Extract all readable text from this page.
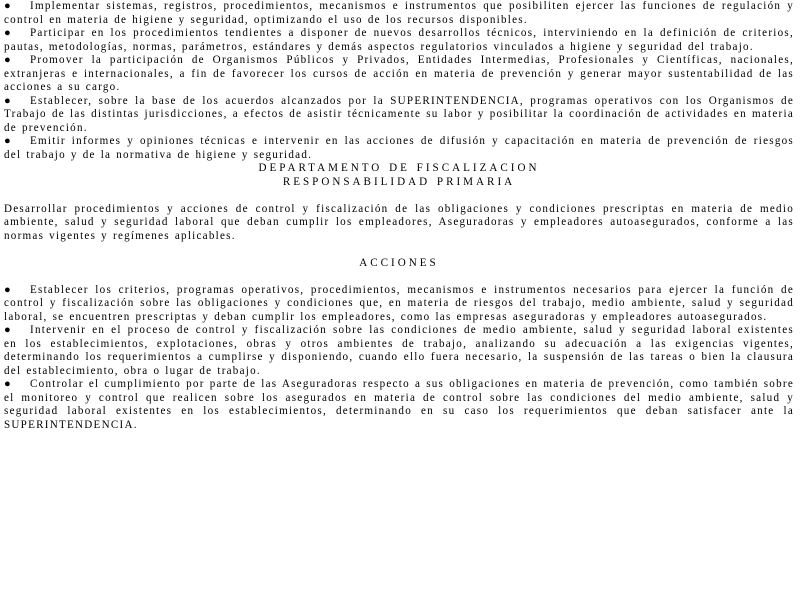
● Implementar sistemas, registros, procedimientos, mecanismos e instrumentos que posibiliten ejercer las funciones de regulación y control en materia de higiene y seguridad, optimizando el uso de los recursos disponibles.

● Participar en los procedimientos tendientes a disponer de nuevos desarrollos técnicos, interviniendo en la definición de criterios, pautas, metodologías, normas, parámetros, estándares y demás aspectos regulatorios vinculados a higiene y seguridad del trabajo.

● Promover la participación de Organismos Públicos y Privados, Entidades Intermedias, Profesionales y Científicas, nacionales, extranjeras e internacionales, a fin de favorecer los cursos de acción en materia de prevención y generar mayor sustentabilidad de las acciones a su cargo.

● Establecer, sobre la base de los acuerdos alcanzados por la SUPERINTENDENCIA, programas operativos con los Organismos de Trabajo de las distintas jurisdicciones, a efectos de asistir técnicamente su labor y posibilitar la coordinación de actividades en materia de prevención.

● Emitir informes y opiniones técnicas e intervenir en las acciones de difusión y capacitación en materia de prevención de riesgos del trabajo y de la normativa de higiene y seguridad.

DEPARTAMENTO DE FISCALIZACION

RESPONSABILIDAD PRIMARIA

Desarrollar procedimientos y acciones de control y fiscalización de las obligaciones y condiciones prescriptas en materia de medio ambiente, salud y seguridad laboral que deban cumplir los empleadores, Aseguradoras y empleadores autoasegurados, conforme a las normas vigentes y regímenes aplicables.

ACCIONES

● Establecer los criterios, programas operativos, procedimientos, mecanismos e instrumentos necesarios para ejercer la función de control y fiscalización sobre las obligaciones y condiciones que, en materia de riesgos del trabajo, medio ambiente, salud y seguridad laboral, se encuentren prescriptas y deban cumplir los empleadores, como las empresas aseguradoras y empleadores autoasegurados.

● Intervenir en el proceso de control y fiscalización sobre las condiciones de medio ambiente, salud y seguridad laboral existentes en los establecimientos, explotaciones, obras y otros ambientes de trabajo, analizando su adecuación a las exigencias vigentes, determinando los requerimientos a cumplirse y disponiendo, cuando ello fuera necesario, la suspensión de las tareas o bien la clausura del establecimiento, obra o lugar de trabajo.

● Controlar el cumplimiento por parte de las Aseguradoras respecto a sus obligaciones en materia de prevención, como también sobre el monitoreo y control que realicen sobre los asegurados en materia de control sobre las condiciones del medio ambiente, salud y seguridad laboral existentes en los establecimientos, determinando en su caso los requerimientos que deban satisfacer ante la SUPERINTENDENCIA.
